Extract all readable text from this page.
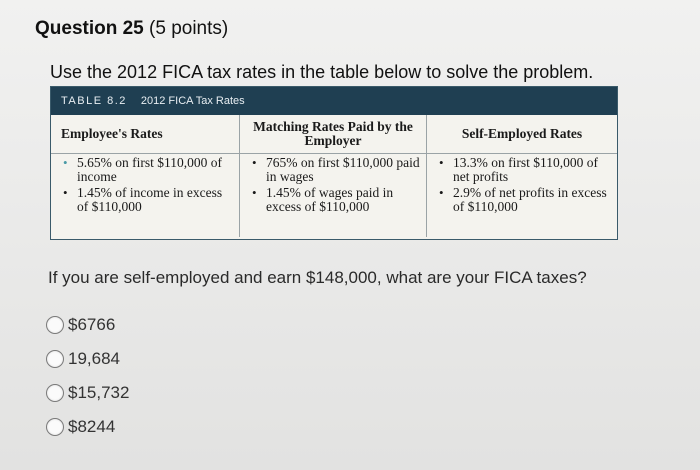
Question 25 (5 points)
Use the 2012 FICA tax rates in the table below to solve the problem.
TABLE 8.2 2012 FICA Tax Rates
Employee's Rates
• 5.65% on first $110,000 of income
• 1.45% of income in excess of $110,000
Matching Rates Paid by the Employer
• 765% on first $110,000 paid in wages
• 1.45% of wages paid in excess of $110,000
Self-Employed Rates
• 13.3% on first $110,000 of net profits
• 2.9% of net profits in excess of $110,000
If you are self-employed and earn $148,000, what are your FICA taxes?
$6766
19,684
$15,732
$8244
